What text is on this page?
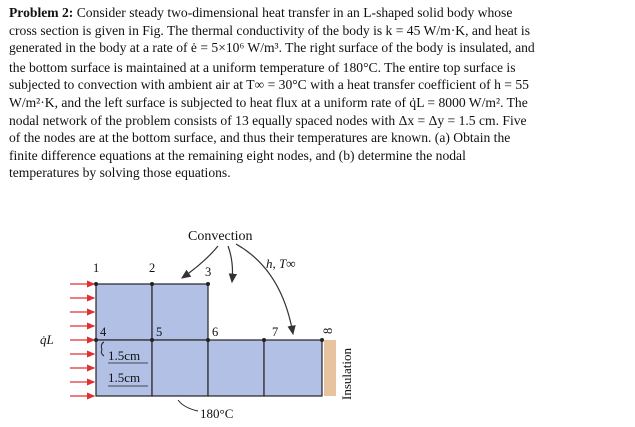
Problem 2: Consider steady two-dimensional heat transfer in an L-shaped solid body whose
cross section is given in Fig. The thermal conductivity of the body is k = 45 W/m·K, and heat is
generated in the body at a rate of ė = 5×10⁶ W/m³. The right surface of the body is insulated, and
the bottom surface is maintained at a uniform temperature of 180°C. The entire top surface is
subjected to convection with ambient air at T∞ = 30°C with a heat transfer coefficient of h = 55
W/m²·K, and the left surface is subjected to heat flux at a uniform rate of q̇L = 8000 W/m². The
nodal network of the problem consists of 13 equally spaced nodes with Δx = Δy = 1.5 cm. Five
of the nodes are at the bottom surface, and thus their temperatures are known. (a) Obtain the
finite difference equations at the remaining eight nodes, and (b) determine the nodal
temperatures by solving those equations.
Insulation
1	2	3
4	5	6	7	8
Convection
h, T∞
q̇L
1.5cm
1.5cm
180°C
